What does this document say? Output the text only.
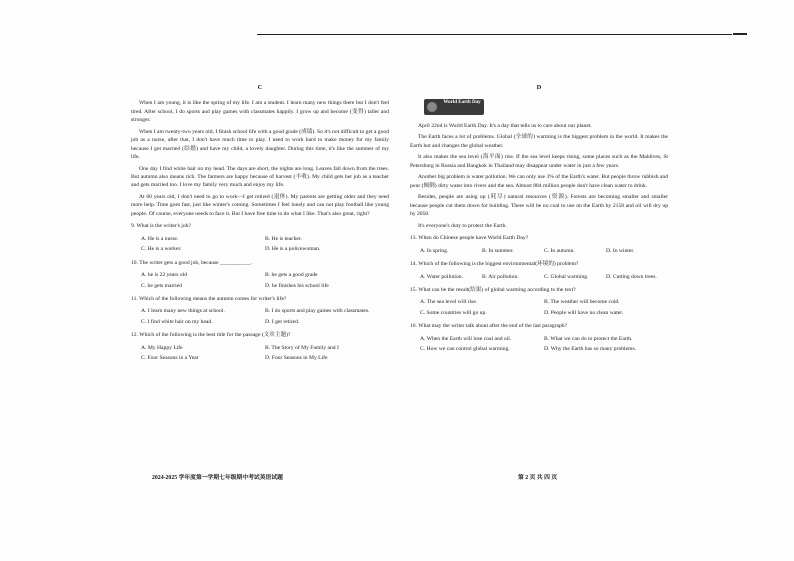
C

When I am young, it is like the spring of my life. I am a student. I learn many new things there but I don't feel tired. After school, I do sports and play games with classmates happily. I grow up and become (变得) taller and stronger.

When I am twenty-two years old, I finish school life with a good grade (成绩). So it's not difficult to get a good job as a nurse, after that, I don't have much time to play. I need to work hard to make money for my family because I get married (结婚) and have my child, a lovely daughter. During this time, it's like the summer of my life.

One day I find white hair on my head. The days are short, the nights are long. Leaves fall down from the trees. But autumn also means rich. The farmers are happy because of harvest (丰收). My child gets her job as a teacher and gets married too. I love my family very much and enjoy my life.

At 60 years old, I don't need to go to work—I get retired (退休). My parents are getting older and they need more help. Time goes fast, just like winter's coming. Sometimes I feel lonely and can not play football like young people. Of course, everyone needs to face it. But I have free time to do what I like. That's also great, right?

9. What is the writer's job?
A. He is a nurse.	B. He is teacher.
C. He is a worker.	D. He is a policewoman.
10. The writer gets a good job, because ___________.
A. he is 22 years old	B. he gets a good grade
C. he gets married	D. he finishes his school life
11. Which of the following means the autumn comes for writer's life?
A. I learn many new things at school.	B. I do sports and play games with classmates.
C. I find white hair on my head.	D. I get retired.
12. Which of the following is the best title for the passage (文章主题)?
A. My Happy Life	B. The Story of My Family and I
C. Four Seasons in a Year	D. Four Seasons in My Life
D
World Earth Day

April 22nd is World Earth Day. It's a day that tells us to care about our planet.

The Earth faces a lot of problems. Global (全球的) warming is the biggest problem in the world. It makes the Earth hot and changes the global weather.

It also makes the sea level (海平面) rise. If the sea level keeps rising, some places such as the Maldives, St Petersburg in Russia and Bangkok in Thailand may disappear under water in just a few years.

Another big problem is water pollution. We can only use 3% of the Earth's water. But people throw rubbish and pour (倾倒) dirty water into rivers and the sea. Almost 884 million people don't have clean water to drink.

Besides, people are using up (耗尽) natural resources (资源). Forests are becoming smaller and smaller because people cut them down for building. There will be no coal to use on the Earth by 2158 and oil will dry up by 2050.

It's everyone's duty to protect the Earth.

13. When do Chinese people have World Earth Day?
A. In spring.	B. In summer.	C. In autumn.	D. In winter.
14. Which of the following is the biggest environmental(环境的) problem?
A. Water pollution.	B. Air pollution.	C. Global warming.	D. Cutting down trees.
15. What can be the result(结果) of global warming according to the text?
A. The sea level will rise.	B. The weather will become cold.
C. Some countries will go up.	D. People will have no clean water.
16. What may the writer talk about after the end of the last paragraph?
A. When the Earth will lose coal and oil.	B. What we can do to protect the Earth.
C. How we can control global warming.	D. Why the Earth has so many problems.
2024-2025 学年度第一学期七年级期中考试英语试题	第 2 页 共 四 页
